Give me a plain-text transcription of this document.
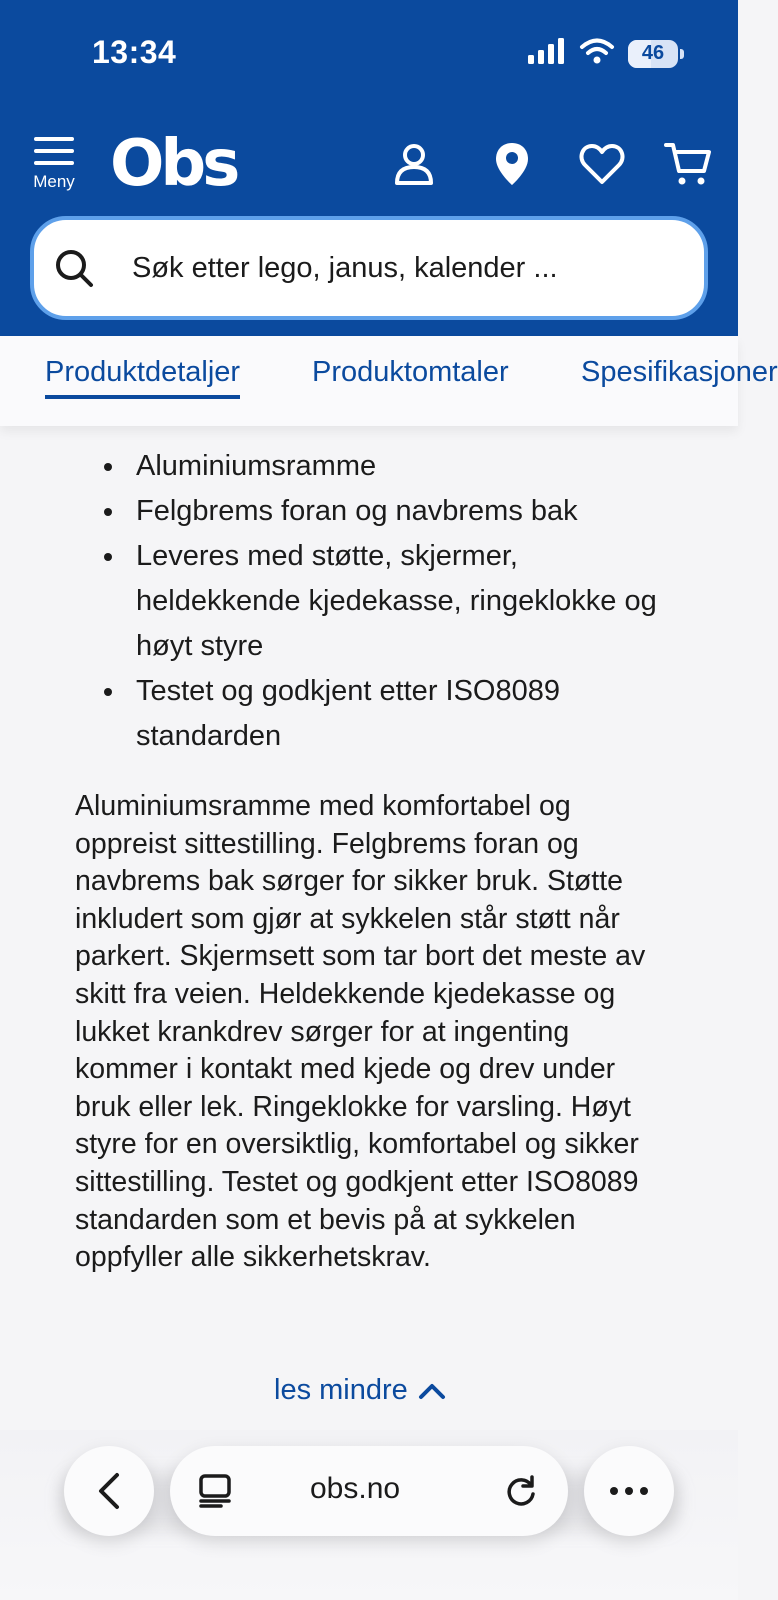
13:34	46
Meny Obs
Søk etter lego, janus, kalender ...
Produktdetaljer Produktomtaler Spesifikasjoner
Aluminiumsramme
Felgbrems foran og navbrems bak
Leveres med støtte, skjermer, heldekkende kjedekasse, ringeklokke og høyt styre
Testet og godkjent etter ISO8089 standarden

Aluminiumsramme med komfortabel og oppreist sittestilling. Felgbrems foran og navbrems bak sørger for sikker bruk. Støtte inkludert som gjør at sykkelen står støtt når parkert. Skjermsett som tar bort det meste av skitt fra veien. Heldekkende kjedekasse og lukket krankdrev sørger for at ingenting kommer i kontakt med kjede og drev under bruk eller lek. Ringeklokke for varsling. Høyt styre for en oversiktlig, komfortabel og sikker sittestilling. Testet og godkjent etter ISO8089 standarden som et bevis på at sykkelen oppfyller alle sikkerhetskrav.

les mindre
obs.no
